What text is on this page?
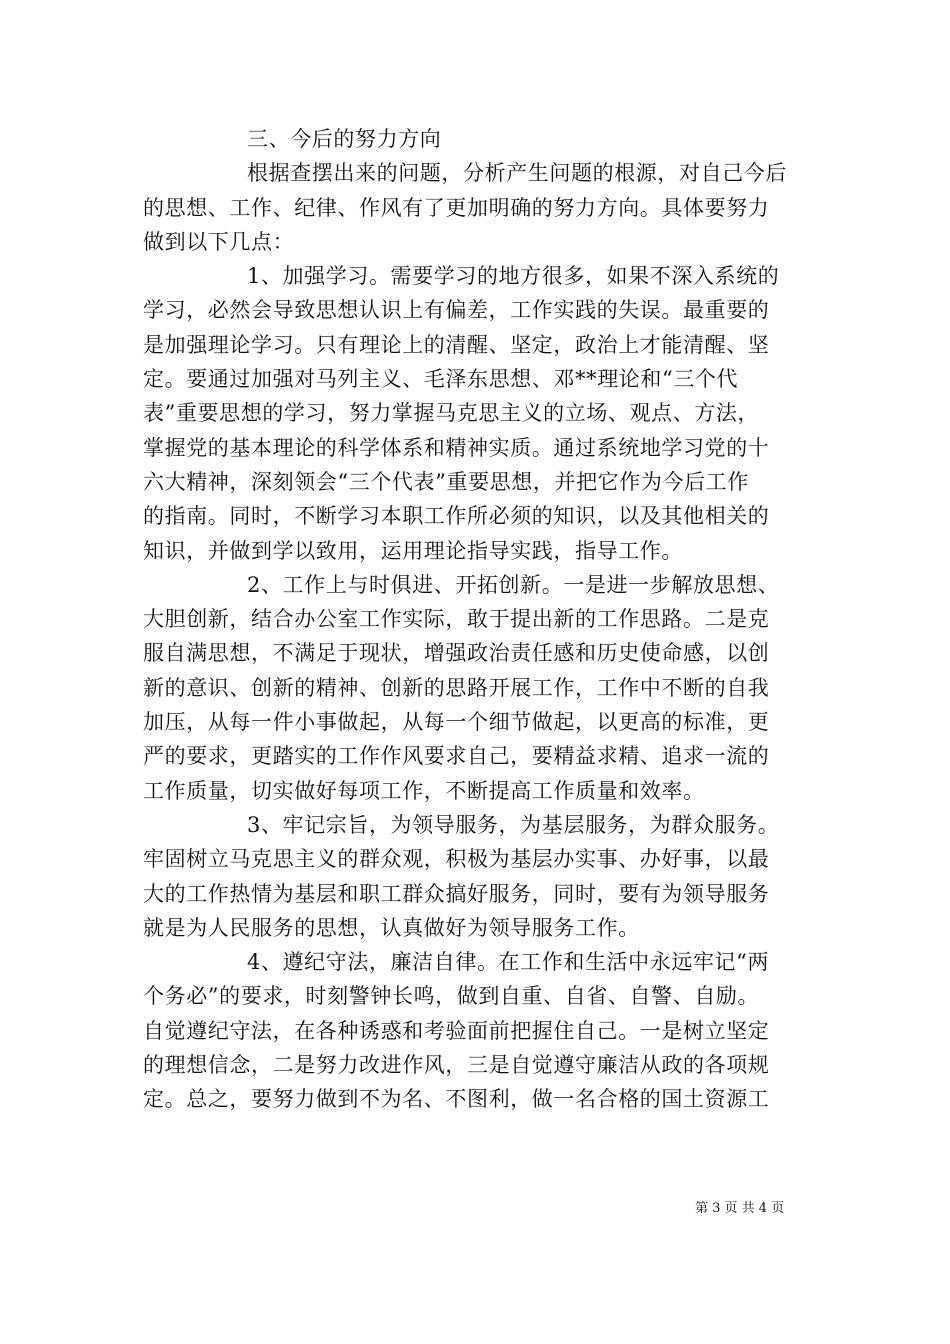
三、今后的努力方向
根据查摆出来的问题，分析产生问题的根源，对自己今后
的思想、工作、纪律、作风有了更加明确的努力方向。具体要努力
做到以下几点：
1、加强学习。需要学习的地方很多，如果不深入系统的
学习，必然会导致思想认识上有偏差，工作实践的失误。最重要的
是加强理论学习。只有理论上的清醒、坚定，政治上才能清醒、坚
定。要通过加强对马列主义、毛泽东思想、邓**理论和“三个代
表”重要思想的学习，努力掌握马克思主义的立场、观点、方法，
掌握党的基本理论的科学体系和精神实质。通过系统地学习党的十
六大精神，深刻领会“三个代表”重要思想，并把它作为今后工作
的指南。同时，不断学习本职工作所必须的知识，以及其他相关的
知识，并做到学以致用，运用理论指导实践，指导工作。
2、工作上与时俱进、开拓创新。一是进一步解放思想、
大胆创新，结合办公室工作实际，敢于提出新的工作思路。二是克
服自满思想，不满足于现状，增强政治责任感和历史使命感，以创
新的意识、创新的精神、创新的思路开展工作，工作中不断的自我
加压，从每一件小事做起，从每一个细节做起，以更高的标准，更
严的要求，更踏实的工作作风要求自己，要精益求精、追求一流的
工作质量，切实做好每项工作，不断提高工作质量和效率。
3、牢记宗旨，为领导服务，为基层服务，为群众服务。
牢固树立马克思主义的群众观，积极为基层办实事、办好事，以最
大的工作热情为基层和职工群众搞好服务，同时，要有为领导服务
就是为人民服务的思想，认真做好为领导服务工作。
4、遵纪守法，廉洁自律。在工作和生活中永远牢记“两
个务必”的要求，时刻警钟长鸣，做到自重、自省、自警、自励。
自觉遵纪守法，在各种诱惑和考验面前把握住自己。一是树立坚定
的理想信念，二是努力改进作风，三是自觉遵守廉洁从政的各项规
定。总之，要努力做到不为名、不图利，做一名合格的国土资源工
第 3 页 共 4 页
